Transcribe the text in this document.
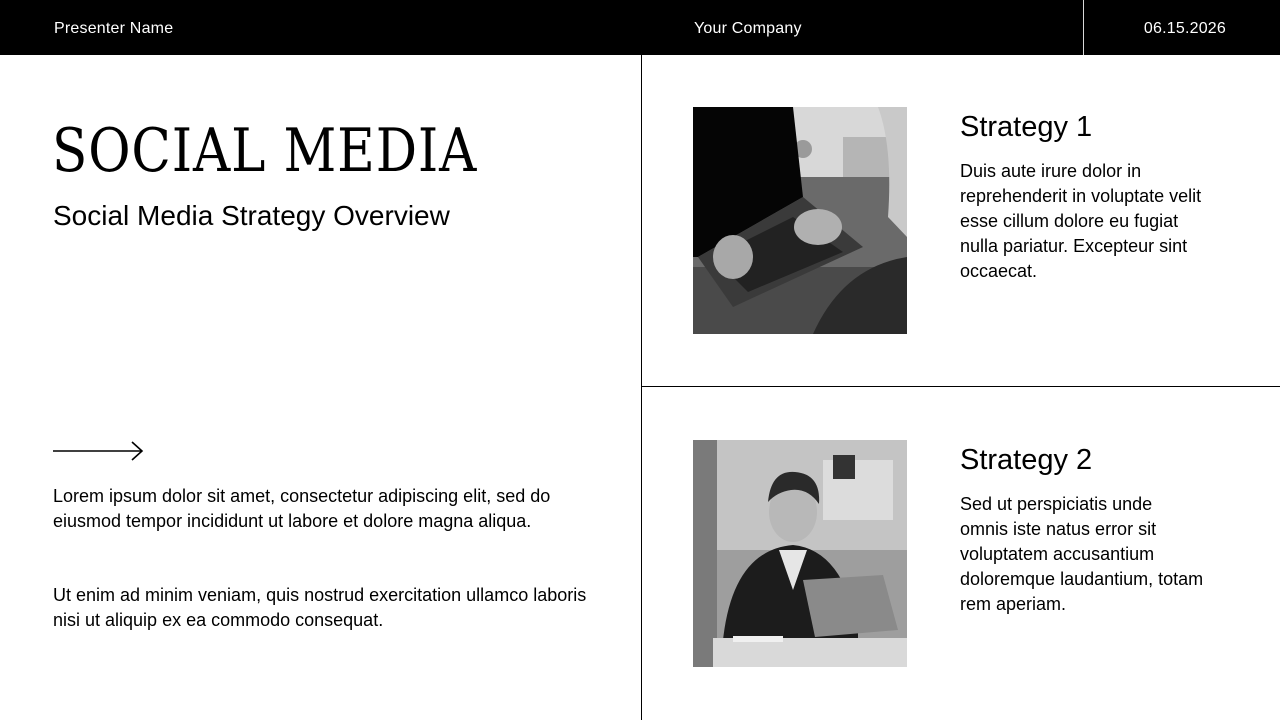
Presenter Name	Your Company	06.15.2026
SOCIAL MEDIA
Social Media Strategy Overview

Lorem ipsum dolor sit amet, consectetur adipiscing elit, sed do eiusmod tempor incididunt ut labore et dolore magna aliqua.

Ut enim ad minim veniam, quis nostrud exercitation ullamco laboris nisi ut aliquip ex ea commodo consequat.

Strategy 1

Duis aute irure dolor in reprehenderit in voluptate velit esse cillum dolore eu fugiat nulla pariatur. Excepteur sint occaecat.

Strategy 2

Sed ut perspiciatis unde omnis iste natus error sit voluptatem accusantium doloremque laudantium, totam rem aperiam.
